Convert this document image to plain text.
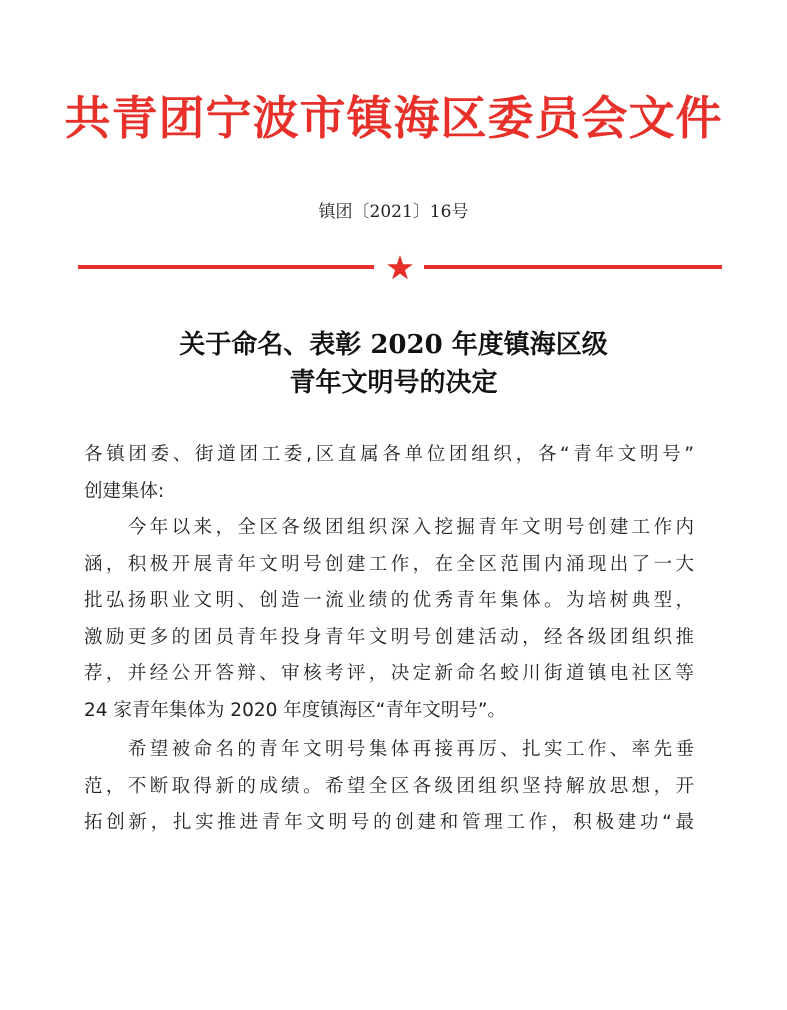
共青团宁波市镇海区委员会文件
镇团〔2021〕16号
关于命名、表彰 2020 年度镇海区级
青年文明号的决定
各镇团委、街道团工委,区直属各单位团组织，各“青年文明号”
创建集体:
　　今年以来，全区各级团组织深入挖掘青年文明号创建工作内
涵，积极开展青年文明号创建工作，在全区范围内涌现出了一大
批弘扬职业文明、创造一流业绩的优秀青年集体。为培树典型，
激励更多的团员青年投身青年文明号创建活动，经各级团组织推
荐，并经公开答辩、审核考评，决定新命名蛟川街道镇电社区等
24 家青年集体为 2020 年度镇海区“青年文明号”。
　　希望被命名的青年文明号集体再接再厉、扎实工作、率先垂
范，不断取得新的成绩。希望全区各级团组织坚持解放思想，开
拓创新，扎实推进青年文明号的创建和管理工作，积极建功“最
